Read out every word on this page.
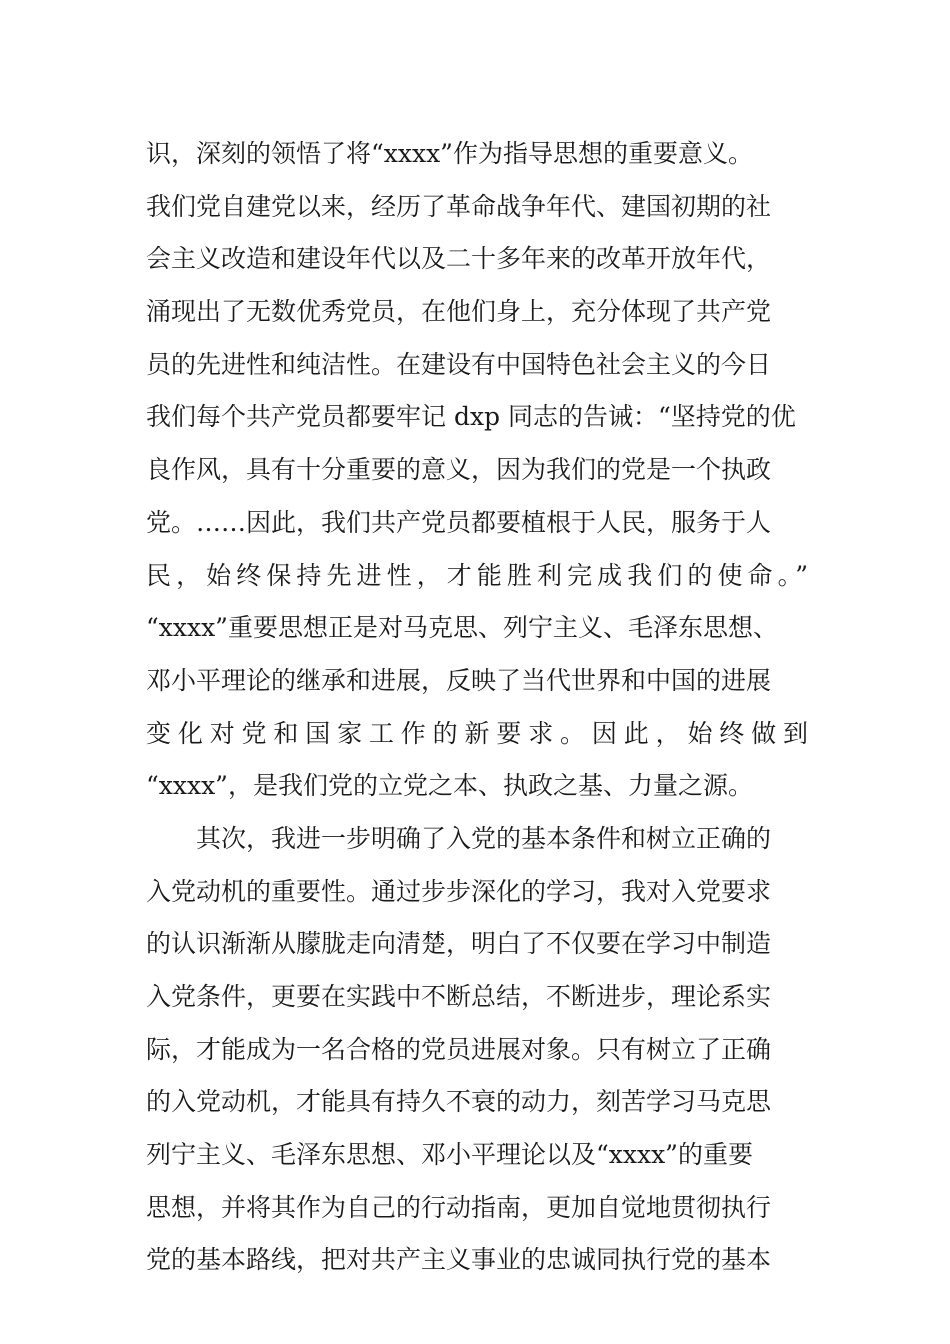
识，深刻的领悟了将“xxxx”作为指导思想的重要意义。
我们党自建党以来，经历了革命战争年代、建国初期的社
会主义改造和建设年代以及二十多年来的改革开放年代，
涌现出了无数优秀党员，在他们身上，充分体现了共产党
员的先进性和纯洁性。在建设有中国特色社会主义的今日
我们每个共产党员都要牢记 dxp 同志的告诫：“坚持党的优
良作风，具有十分重要的意义，因为我们的党是一个执政
党。……因此，我们共产党员都要植根于人民，服务于人
民，始终保持先进性，才能胜利完成我们的使命。”
“xxxx”重要思想正是对马克思、列宁主义、毛泽东思想、
邓小平理论的继承和进展，反映了当代世界和中国的进展
变化对党和国家工作的新要求。因此，始终做到
“xxxx”，是我们党的立党之本、执政之基、力量之源。
其次，我进一步明确了入党的基本条件和树立正确的
入党动机的重要性。通过步步深化的学习，我对入党要求
的认识渐渐从朦胧走向清楚，明白了不仅要在学习中制造
入党条件，更要在实践中不断总结，不断进步，理论系实
际，才能成为一名合格的党员进展对象。只有树立了正确
的入党动机，才能具有持久不衰的动力，刻苦学习马克思
列宁主义、毛泽东思想、邓小平理论以及“xxxx”的重要
思想，并将其作为自己的行动指南，更加自觉地贯彻执行
党的基本路线，把对共产主义事业的忠诚同执行党的基本
